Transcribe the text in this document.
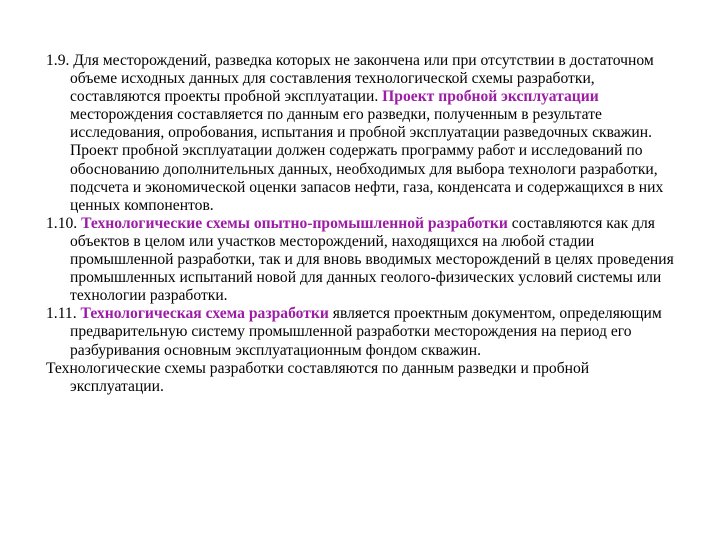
1.9. Для месторождений, разведка которых не закончена или при отсутствии в достаточном объеме исходных данных для составления технологической схемы разработки, составляются проекты пробной эксплуатации. Проект пробной эксплуатации месторождения составляется по данным его разведки, полученным в результате исследования, опробования, испытания и пробной эксплуатации разведочных скважин. Проект пробной эксплуатации должен содержать программу работ и исследований по обоснованию дополнительных данных, необходимых для выбора технологи разработки, подсчета и экономической оценки запасов нефти, газа, конденсата и содержащихся в них ценных компонентов.

1.10. Технологические схемы опытно-промышленной разработки составляются как для объектов в целом или участков месторождений, находящихся на любой стадии промышленной разработки, так и для вновь вводимых месторождений в целях проведения промышленных испытаний новой для данных геолого-физических условий системы или технологии разработки.

1.11. Технологическая схема разработки является проектным документом, определяющим предварительную систему промышленной разработки месторождения на период его разбуривания основным эксплуатационным фондом скважин.

Технологические схемы разработки составляются по данным разведки и пробной эксплуатации.
